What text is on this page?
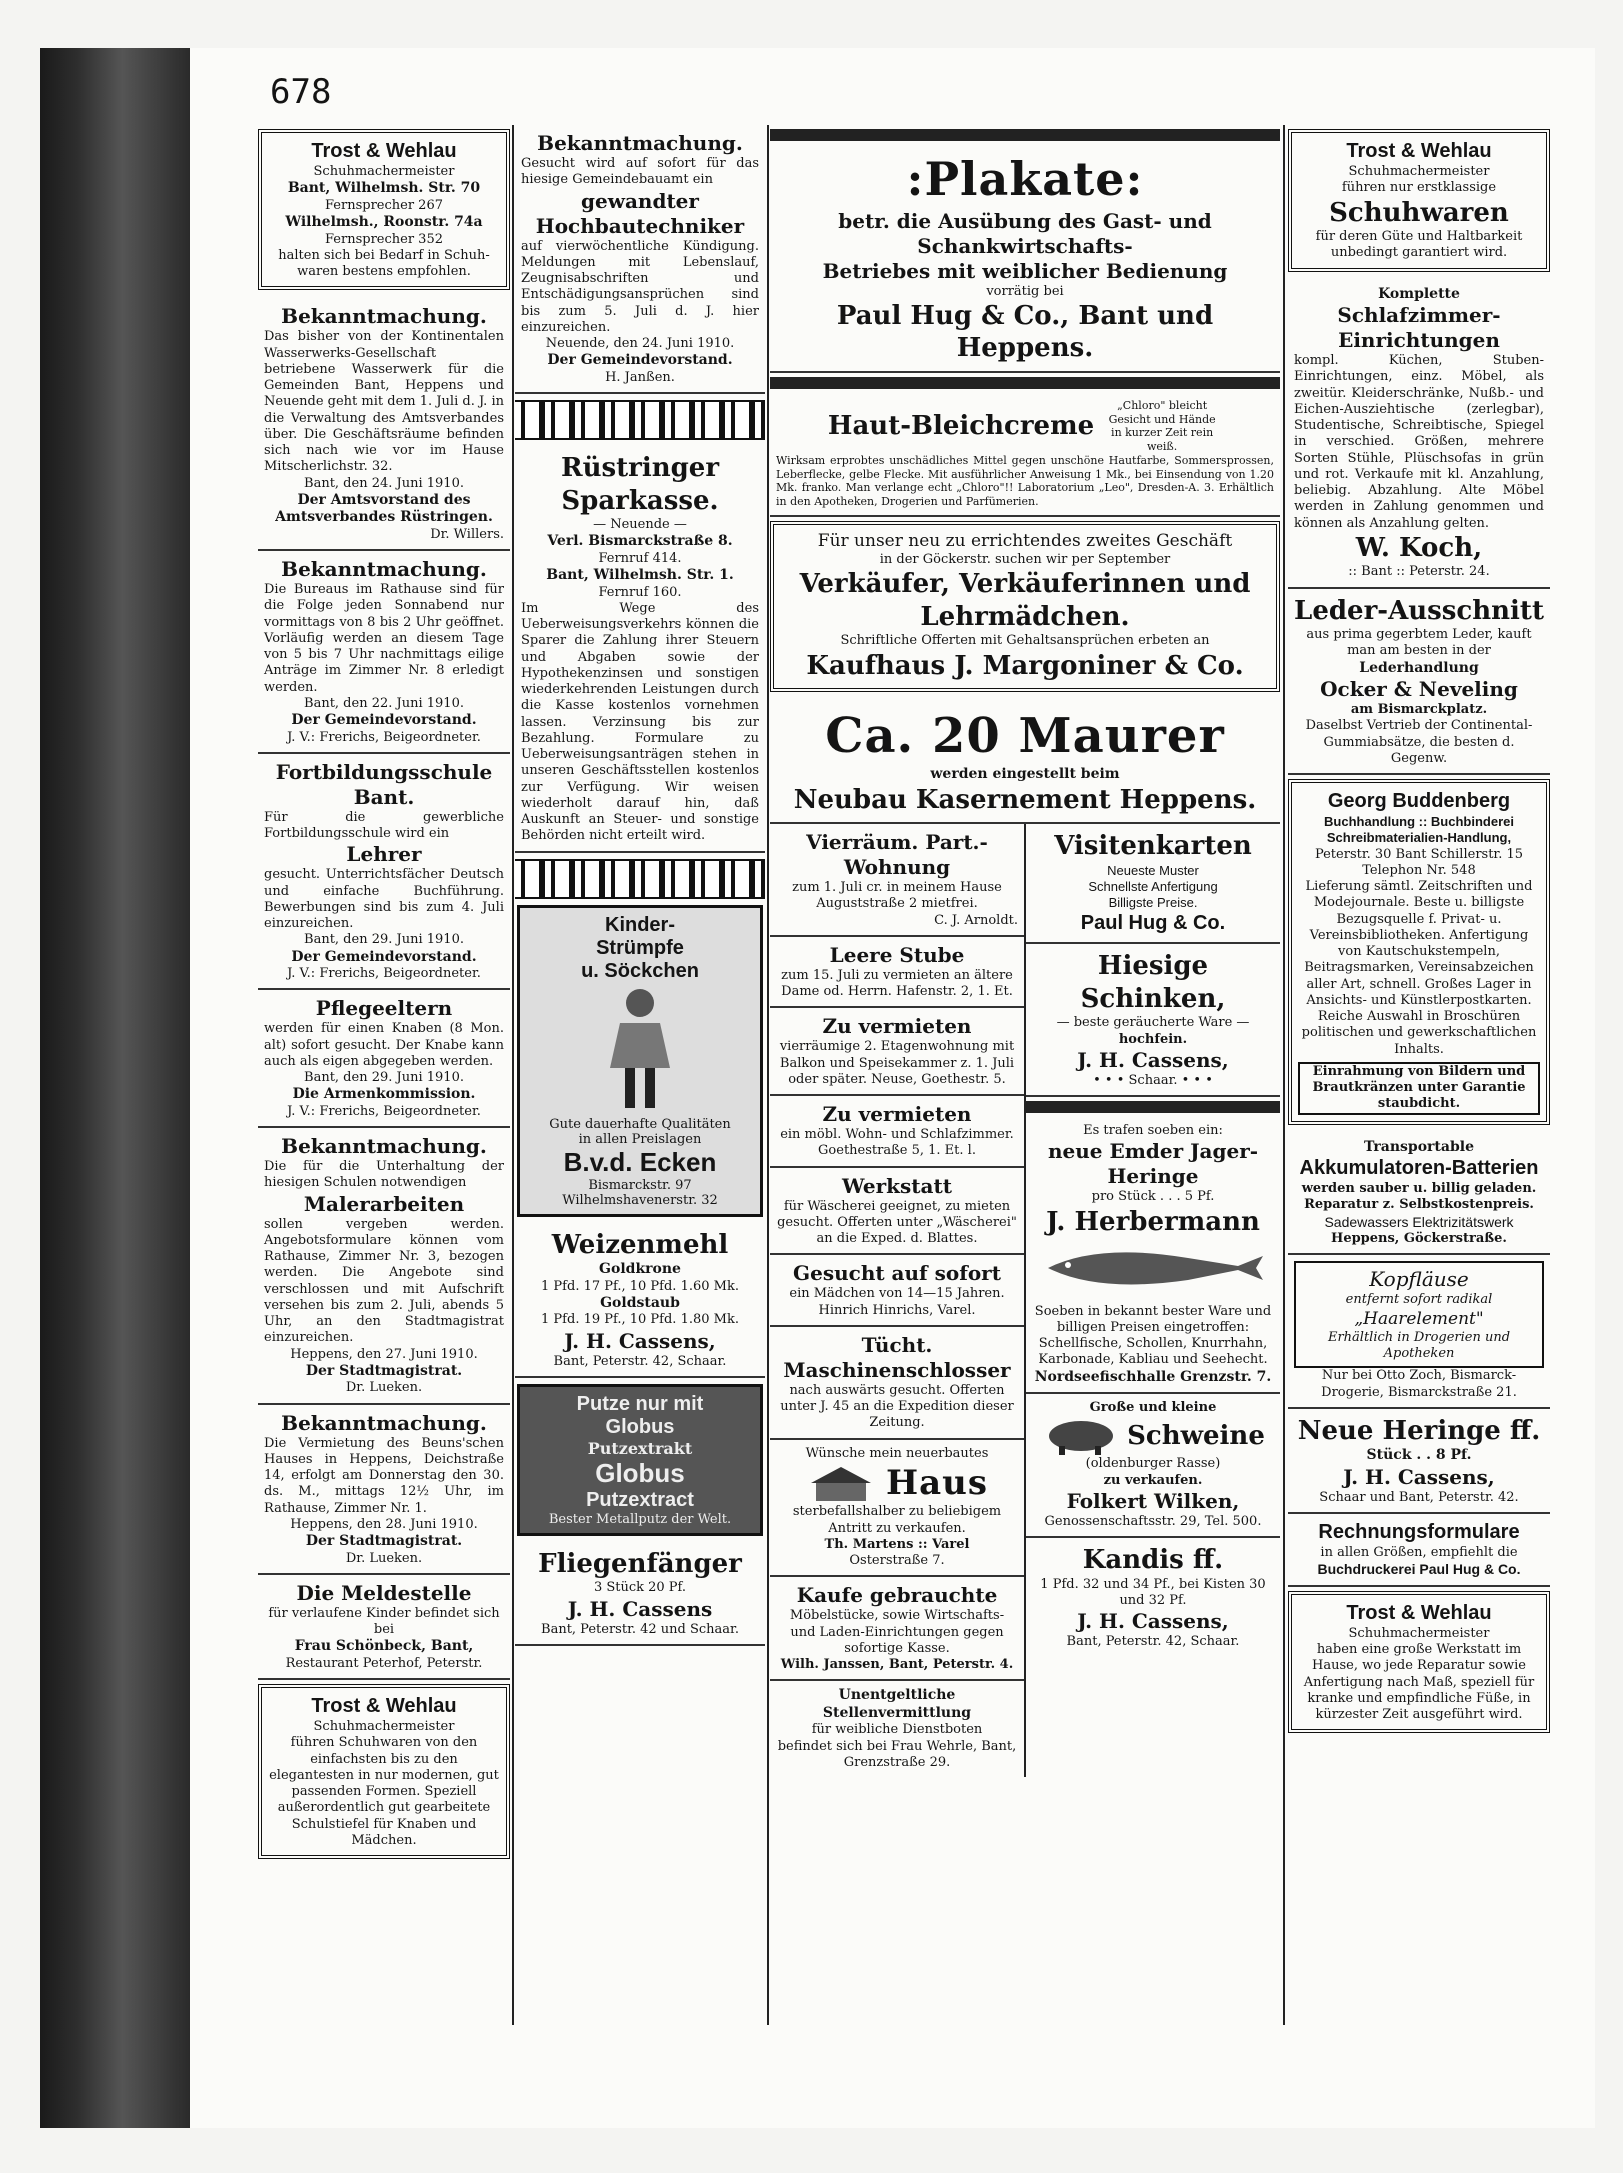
678
Trost & Wehlau
Schuhmachermeister
Bant, Wilhelmsh. Str. 70
Fernsprecher 267
Wilhelmsh., Roonstr. 74a
Fernsprecher 352
halten sich bei Bedarf in Schuh-waren bestens empfohlen.
Bekanntmachung.
Das bisher von der Kontinentalen Wasserwerks-Gesellschaft betriebene Wasserwerk für die Gemeinden Bant, Heppens und Neuende geht mit dem 1. Juli d. J. in die Verwaltung des Amtsverbandes über. Die Geschäftsräume befinden sich nach wie vor im Hause Mitscherlichstr. 32.
Bant, den 24. Juni 1910.
Der Amtsvorstand des Amtsverbandes Rüstringen.
Dr. Willers.
Bekanntmachung.
Die Bureaus im Rathause sind für die Folge jeden Sonnabend nur vormittags von 8 bis 2 Uhr geöffnet. Vorläufig werden an diesem Tage von 5 bis 7 Uhr nachmittags eilige Anträge im Zimmer Nr. 8 erledigt werden.
Bant, den 22. Juni 1910.
Der Gemeindevorstand.
J. V.: Frerichs, Beigeordneter.
Fortbildungsschule Bant.
Für die gewerbliche Fortbildungsschule wird ein
Lehrer
gesucht. Unterrichtsfächer Deutsch und einfache Buchführung. Bewerbungen sind bis zum 4. Juli einzureichen.
Bant, den 29. Juni 1910.
Der Gemeindevorstand.
J. V.: Frerichs, Beigeordneter.
Pflegeeltern
werden für einen Knaben (8 Mon. alt) sofort gesucht. Der Knabe kann auch als eigen abgegeben werden.
Bant, den 29. Juni 1910.
Die Armenkommission.
J. V.: Frerichs, Beigeordneter.
Bekanntmachung.
Die für die Unterhaltung der hiesigen Schulen notwendigen
Malerarbeiten
sollen vergeben werden. Angebotsformulare können vom Rathause, Zimmer Nr. 3, bezogen werden. Die Angebote sind verschlossen und mit Aufschrift versehen bis zum 2. Juli, abends 5 Uhr, an den Stadtmagistrat einzureichen.
Heppens, den 27. Juni 1910.
Der Stadtmagistrat.
Dr. Lueken.
Bekanntmachung.
Die Vermietung des Beuns'schen Hauses in Heppens, Deichstraße 14, erfolgt am Donnerstag den 30. ds. M., mittags 12½ Uhr, im Rathause, Zimmer Nr. 1.
Heppens, den 28. Juni 1910.
Der Stadtmagistrat.
Dr. Lueken.
Die Meldestelle
für verlaufene Kinder befindet sich bei
Frau Schönbeck, Bant,
Restaurant Peterhof, Peterstr.
Trost & Wehlau
Schuhmachermeister
führen Schuhwaren von den einfachsten bis zu den elegantesten in nur modernen, gut passenden Formen. Speziell außerordentlich gut gearbeitete Schulstiefel für Knaben und Mädchen.
Bekanntmachung.
Gesucht wird auf sofort für das hiesige Gemeindebauamt ein
gewandter Hochbautechniker
auf vierwöchentliche Kündigung. Meldungen mit Lebenslauf, Zeugnisabschriften und Entschädigungsansprüchen sind bis zum 5. Juli d. J. hier einzureichen.
Neuende, den 24. Juni 1910.
Der Gemeindevorstand.
H. Janßen.
Rüstringer Sparkasse.
— Neuende —
Verl. Bismarckstraße 8.
Fernruf 414.
Bant, Wilhelmsh. Str. 1.
Fernruf 160.
Im Wege des Ueberweisungsverkehrs können die Sparer die Zahlung ihrer Steuern und Abgaben sowie der Hypothekenzinsen und sonstigen wiederkehrenden Leistungen durch die Kasse kostenlos vornehmen lassen. Verzinsung bis zur Bezahlung. Formulare zu Ueberweisungsanträgen stehen in unseren Geschäftsstellen kostenlos zur Verfügung. Wir weisen wiederholt darauf hin, daß Auskunft an Steuer- und sonstige Behörden nicht erteilt wird.
Kinder-
Strümpfe
u. Söckchen
Gute dauerhafte Qualitäten
in allen Preislagen
B.v.d. Ecken
Bismarckstr. 97 Wilhelmshavenerstr. 32
Weizenmehl
Goldkrone
1 Pfd. 17 Pf., 10 Pfd. 1.60 Mk.
Goldstaub
1 Pfd. 19 Pf., 10 Pfd. 1.80 Mk.
J. H. Cassens,
Bant, Peterstr. 42, Schaar.
Putze nur mit
Globus
Putzextrakt
Globus
Putzextract
Bester Metallputz der Welt.
Fliegenfänger
3 Stück 20 Pf.
J. H. Cassens
Bant, Peterstr. 42 und Schaar.
:Plakate:
betr. die Ausübung des Gast- und Schankwirtschafts-
Betriebes mit weiblicher Bedienung
vorrätig bei
Paul Hug & Co., Bant und Heppens.
Haut-Bleichcreme
„Chloro" bleicht Gesicht und Hände in kurzer Zeit rein weiß.
Wirksam erprobtes unschädliches Mittel gegen unschöne Hautfarbe, Sommersprossen, Leberflecke, gelbe Flecke. Mit ausführlicher Anweisung 1 Mk., bei Einsendung von 1.20 Mk. franko. Man verlange echt „Chloro"!! Laboratorium „Leo", Dresden-A. 3. Erhältlich in den Apotheken, Drogerien und Parfümerien.
Für unser neu zu errichtendes zweites Geschäft
in der Göckerstr. suchen wir per September
Verkäufer, Verkäuferinnen und Lehrmädchen.
Schriftliche Offerten mit Gehaltsansprüchen erbeten an
Kaufhaus J. Margoniner & Co.
Ca. 20 Maurer
werden eingestellt beim
Neubau Kasernement Heppens.
Vierräum. Part.-Wohnung
zum 1. Juli cr. in meinem Hause Auguststraße 2 mietfrei.
C. J. Arnoldt.
Leere Stube
zum 15. Juli zu vermieten an ältere Dame od. Herrn. Hafenstr. 2, 1. Et.
Zu vermieten
vierräumige 2. Etagenwohnung mit Balkon und Speisekammer z. 1. Juli oder später. Neuse, Goethestr. 5.
Zu vermieten
ein möbl. Wohn- und Schlafzimmer. Goethestraße 5, 1. Et. l.
Werkstatt
für Wäscherei geeignet, zu mieten gesucht. Offerten unter „Wäscherei" an die Exped. d. Blattes.
Gesucht auf sofort
ein Mädchen von 14—15 Jahren.
Hinrich Hinrichs, Varel.
Tücht. Maschinenschlosser
nach auswärts gesucht. Offerten unter J. 45 an die Expedition dieser Zeitung.
Wünsche mein neuerbautes
Haus
sterbefallshalber zu beliebigem Antritt zu verkaufen.
Th. Martens :: Varel
Osterstraße 7.
Kaufe gebrauchte
Möbelstücke, sowie Wirtschafts- und Laden-Einrichtungen gegen sofortige Kasse.
Wilh. Janssen, Bant, Peterstr. 4.
Unentgeltliche Stellenvermittlung
für weibliche Dienstboten
befindet sich bei Frau Wehrle, Bant, Grenzstraße 29.
Visitenkarten
Neueste Muster
Schnellste Anfertigung
Billigste Preise.
Paul Hug & Co.
Hiesige Schinken,
— beste geräucherte Ware —
hochfein.
J. H. Cassens,
• • • Schaar. • • •
Es trafen soeben ein:
neue Emder Jager-Heringe
pro Stück . . . 5 Pf.
J. Herbermann
Soeben in bekannt bester Ware und billigen Preisen eingetroffen: Schellfische, Schollen, Knurrhahn, Karbonade, Kabliau und Seehecht.
Nordseefischhalle Grenzstr. 7.
Große und kleine
Schweine
(oldenburger Rasse)
zu verkaufen.
Folkert Wilken,
Genossenschaftsstr. 29, Tel. 500.
Kandis ff.
1 Pfd. 32 und 34 Pf., bei Kisten 30 und 32 Pf.
J. H. Cassens,
Bant, Peterstr. 42, Schaar.
Trost & Wehlau
Schuhmachermeister
führen nur erstklassige
Schuhwaren
für deren Güte und Haltbarkeit unbedingt garantiert wird.
Komplette
Schlafzimmer-Einrichtungen
kompl. Küchen, Stuben-Einrichtungen, einz. Möbel, als zweitür. Kleiderschränke, Nußb.- und Eichen-Ausziehtische (zerlegbar), Studentische, Schreibtische, Spiegel in verschied. Größen, mehrere Sorten Stühle, Plüschsofas in grün und rot. Verkaufe mit kl. Anzahlung, beliebig. Abzahlung. Alte Möbel werden in Zahlung genommen und können als Anzahlung gelten.
W. Koch,
:: Bant :: Peterstr. 24.
Leder-Ausschnitt
aus prima gegerbtem Leder, kauft man am besten in der
Lederhandlung
Ocker & Neveling
am Bismarckplatz.
Daselbst Vertrieb der Continental-Gummiabsätze, die besten d. Gegenw.
Georg Buddenberg
Buchhandlung :: Buchbinderei
Schreibmaterialien-Handlung,
Peterstr. 30 Bant Schillerstr. 15
Telephon Nr. 548
Lieferung sämtl. Zeitschriften und Modejournale. Beste u. billigste Bezugsquelle f. Privat- u. Vereinsbibliotheken. Anfertigung von Kautschukstempeln, Beitragsmarken, Vereinsabzeichen aller Art, schnell. Großes Lager in Ansichts- und Künstlerpostkarten. Reiche Auswahl in Broschüren politischen und gewerkschaftlichen Inhalts.
Einrahmung von Bildern und Brautkränzen unter Garantie staubdicht.
Transportable
Akkumulatoren-Batterien
werden sauber u. billig geladen. Reparatur z. Selbstkostenpreis.
Sadewassers Elektrizitätswerk
Heppens, Göckerstraße.
Kopfläuse
entfernt sofort radikal
„Haarelement"
Erhältlich in Drogerien und Apotheken
Nur bei Otto Zoch, Bismarck-Drogerie, Bismarckstraße 21.
Neue Heringe ff.
Stück . . 8 Pf.
J. H. Cassens,
Schaar und Bant, Peterstr. 42.
Rechnungsformulare
in allen Größen, empfiehlt die
Buchdruckerei Paul Hug & Co.
Trost & Wehlau
Schuhmachermeister
haben eine große Werkstatt im Hause, wo jede Reparatur sowie Anfertigung nach Maß, speziell für kranke und empfindliche Füße, in kürzester Zeit ausgeführt wird.
